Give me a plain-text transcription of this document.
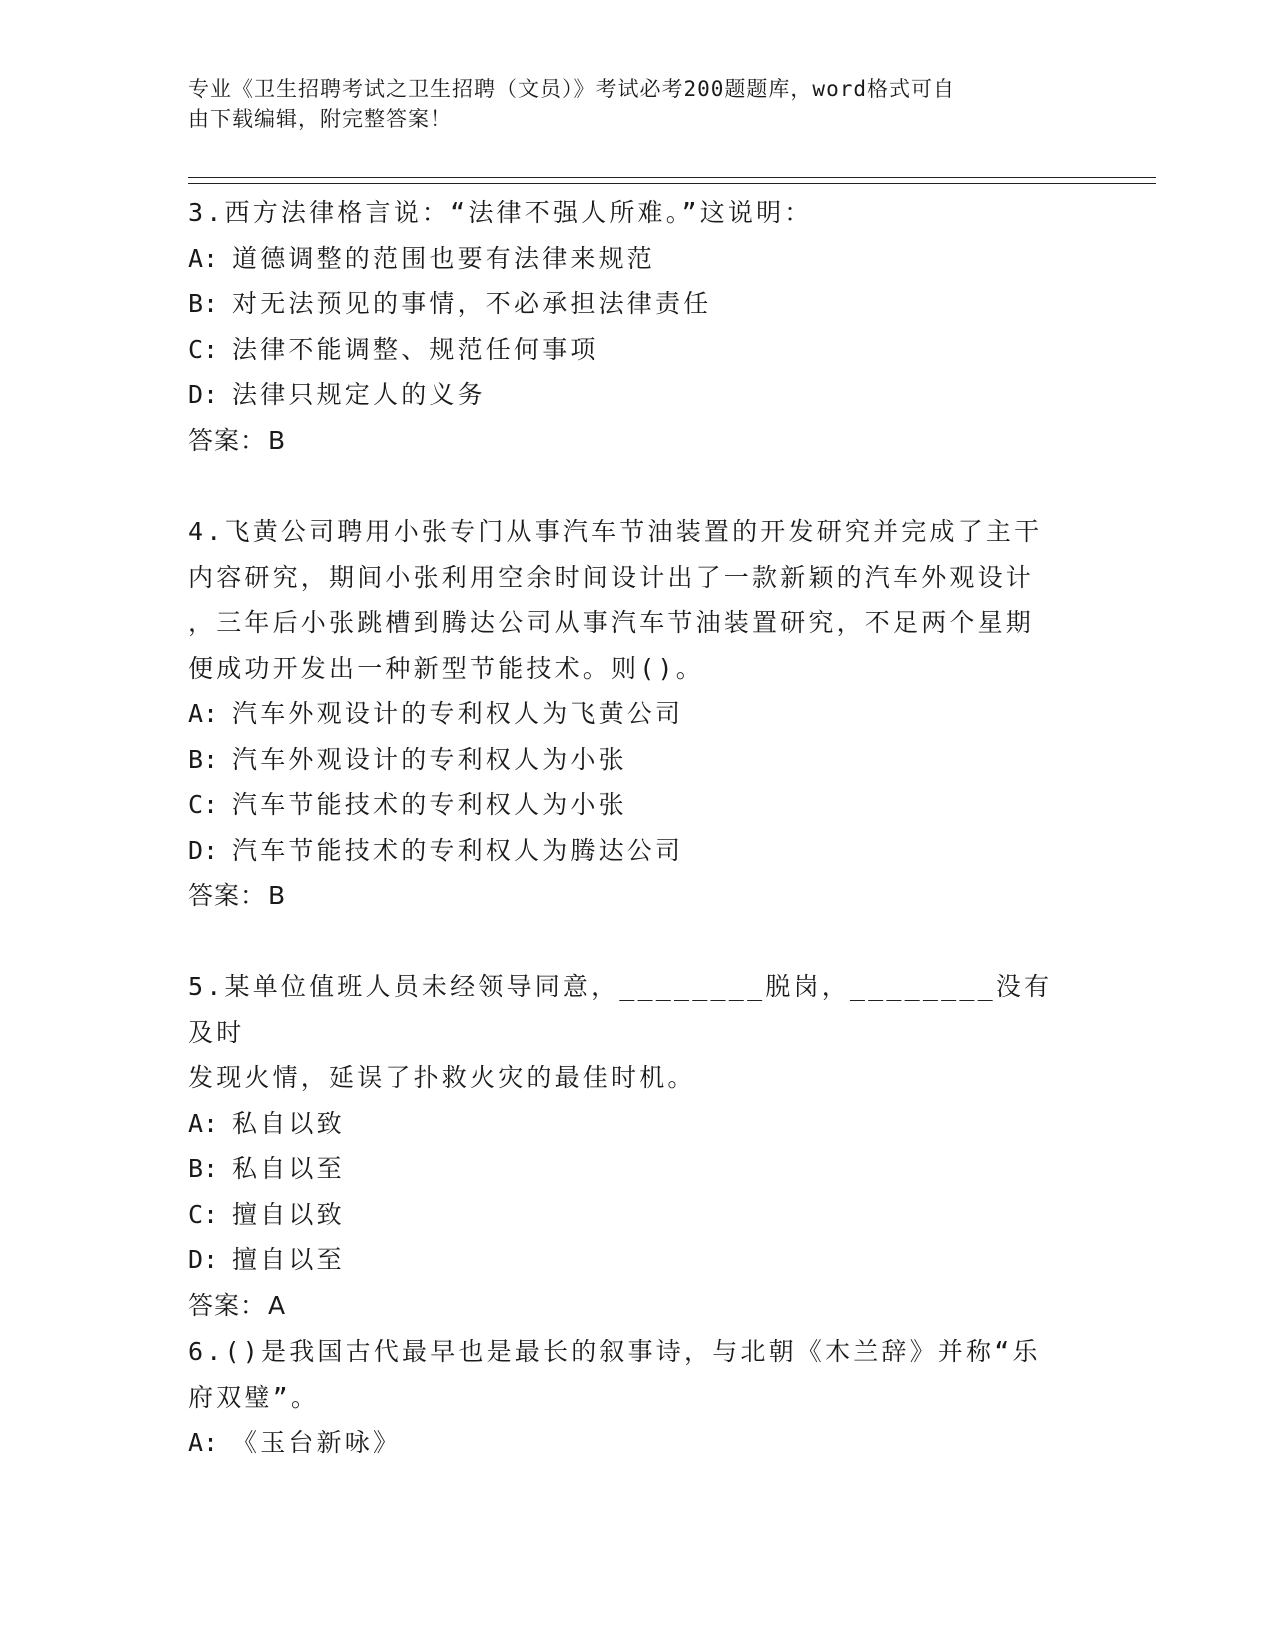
专业《卫生招聘考试之卫生招聘（文员）》考试必考200题题库，word格式可自
由下载编辑，附完整答案！
3.西方法律格言说：“法律不强人所难。”这说明：
A: 道德调整的范围也要有法律来规范
B: 对无法预见的事情，不必承担法律责任
C: 法律不能调整、规范任何事项
D: 法律只规定人的义务
答案： B
4.飞黄公司聘用小张专门从事汽车节油装置的开发研究并完成了主干
内容研究，期间小张利用空余时间设计出了一款新颖的汽车外观设计
，三年后小张跳槽到腾达公司从事汽车节油装置研究，不足两个星期
便成功开发出一种新型节能技术。则()。
A: 汽车外观设计的专利权人为飞黄公司
B: 汽车外观设计的专利权人为小张
C: 汽车节能技术的专利权人为小张
D: 汽车节能技术的专利权人为腾达公司
答案： B
5.某单位值班人员未经领导同意，________脱岗，________没有及时
发现火情，延误了扑救火灾的最佳时机。
A: 私自以致
B: 私自以至
C: 擅自以致
D: 擅自以至
答案： A
6.()是我国古代最早也是最长的叙事诗，与北朝《木兰辞》并称“乐
府双璧”。
A: 《玉台新咏》
